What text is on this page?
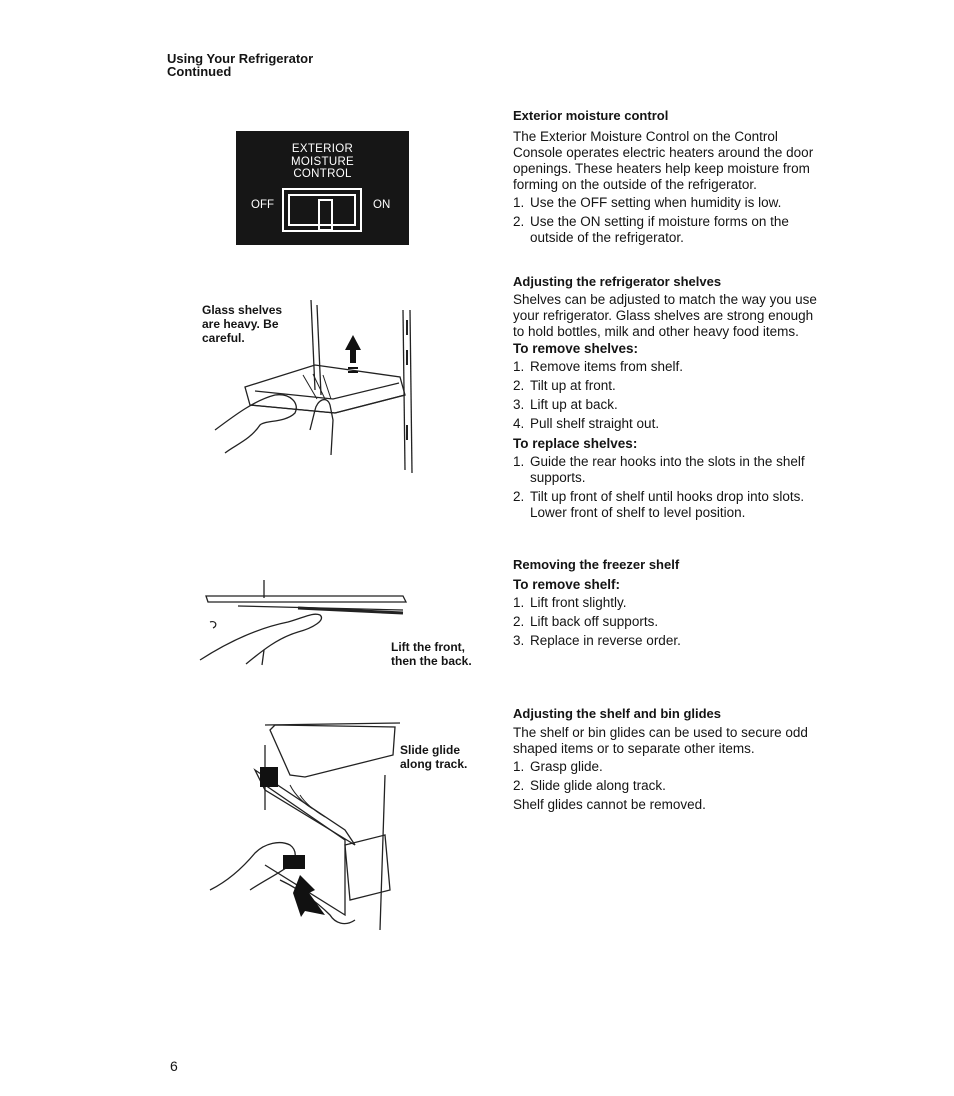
Using Your Refrigerator
Continued
EXTERIOR
MOISTURE
CONTROL
OFF	ON
Glass shelves
are heavy. Be
careful.
Lift the front,
then the back.
Slide glide
along track.
Exterior moisture control

The Exterior Moisture Control on the Control Console operates electric heaters around the door openings. These heaters help keep moisture from forming on the outside of the refrigerator.

1. Use the OFF setting when humidity is low.
2. Use the ON setting if moisture forms on the outside of the refrigerator.
Adjusting the refrigerator shelves

Shelves can be adjusted to match the way you use your refrigerator. Glass shelves are strong enough to hold bottles, milk and other heavy food items.

To remove shelves:
1. Remove items from shelf.
2. Tilt up at front.
3. Lift up at back.
4. Pull shelf straight out.
To replace shelves:
1. Guide the rear hooks into the slots in the shelf supports.
2. Tilt up front of shelf until hooks drop into slots. Lower front of shelf to level position.
Removing the freezer shelf
To remove shelf:
1. Lift front slightly.
2. Lift back off supports.
3. Replace in reverse order.
Adjusting the shelf and bin glides

The shelf or bin glides can be used to secure odd shaped items or to separate other items.

1. Grasp glide.
2. Slide glide along track.

Shelf glides cannot be removed.

6
